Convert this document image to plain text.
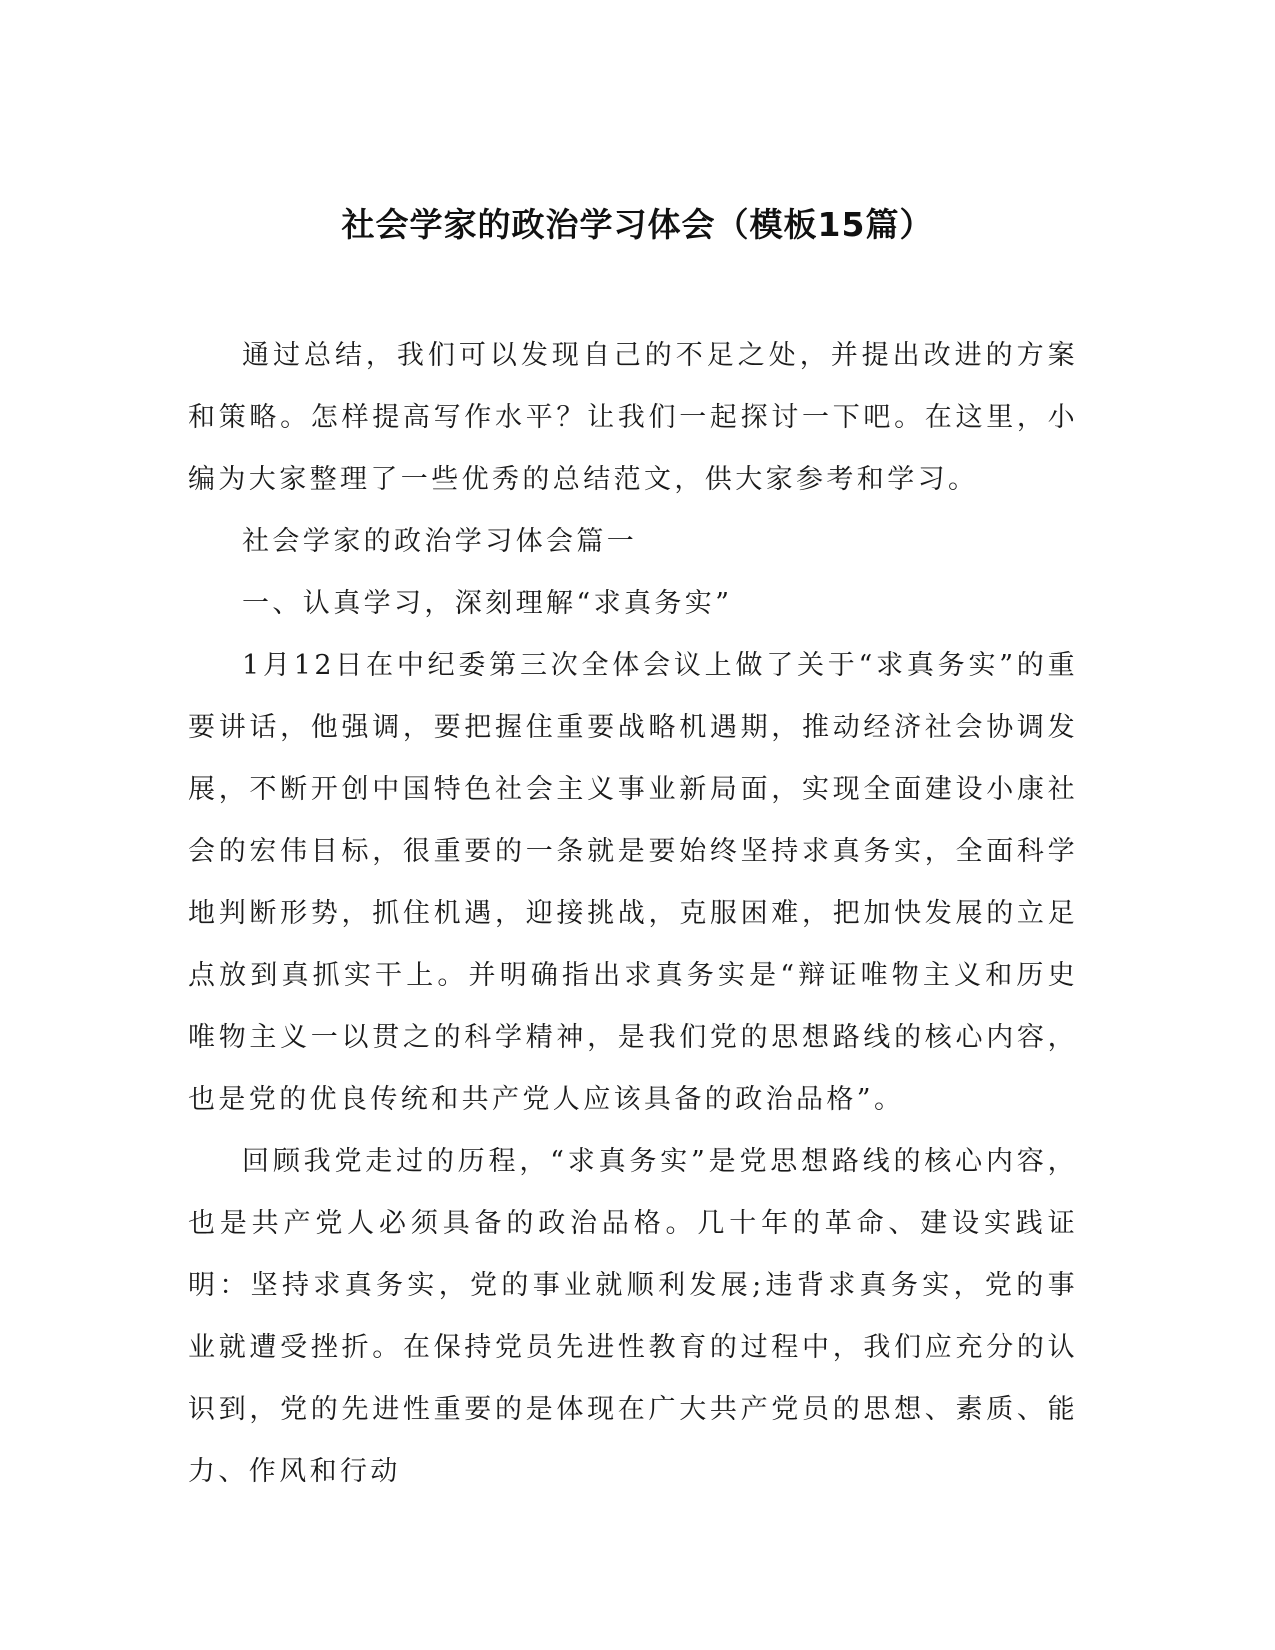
社会学家的政治学习体会（模板15篇）

通过总结，我们可以发现自己的不足之处，并提出改进的方案和策略。怎样提高写作水平？让我们一起探讨一下吧。在这里，小编为大家整理了一些优秀的总结范文，供大家参考和学习。

社会学家的政治学习体会篇一

一、认真学习，深刻理解“求真务实”

1月12日在中纪委第三次全体会议上做了关于“求真务实”的重要讲话，他强调，要把握住重要战略机遇期，推动经济社会协调发展，不断开创中国特色社会主义事业新局面，实现全面建设小康社会的宏伟目标，很重要的一条就是要始终坚持求真务实，全面科学地判断形势，抓住机遇，迎接挑战，克服困难，把加快发展的立足点放到真抓实干上。并明确指出求真务实是“辩证唯物主义和历史唯物主义一以贯之的科学精神，是我们党的思想路线的核心内容，也是党的优良传统和共产党人应该具备的政治品格”。

回顾我党走过的历程，“求真务实”是党思想路线的核心内容，也是共产党人必须具备的政治品格。几十年的革命、建设实践证明：坚持求真务实，党的事业就顺利发展;违背求真务实，党的事业就遭受挫折。在保持党员先进性教育的过程中，我们应充分的认识到，党的先进性重要的是体现在广大共产党员的思想、素质、能力、作风和行动
